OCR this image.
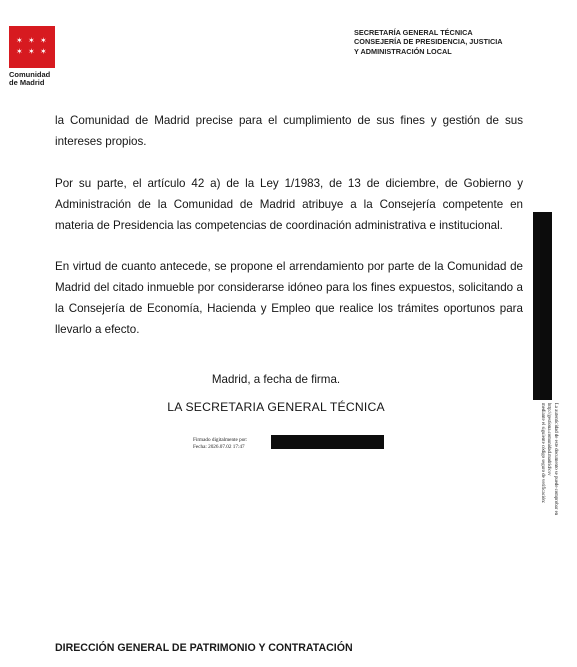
✶ ✶ ✶
✶ ✶ ✶
Comunidad
de Madrid
SECRETARÍA GENERAL TÉCNICA
CONSEJERÍA DE PRESIDENCIA, JUSTICIA
Y ADMINISTRACIÓN LOCAL
la Comunidad de Madrid precise para el cumplimiento de sus fines y gestión de sus intereses propios.
Por su parte, el artículo 42 a) de la Ley 1/1983, de 13 de diciembre, de Gobierno y Administración de la Comunidad de Madrid atribuye a la Consejería competente en materia de Presidencia las competencias de coordinación administrativa e institucional.
En virtud de cuanto antecede, se propone el arrendamiento por parte de la Comunidad de Madrid del citado inmueble por considerarse idóneo para los fines expuestos, solicitando a la Consejería de Economía, Hacienda y Empleo que realice los trámites oportunos para llevarlo a efecto.
Madrid, a fecha de firma.
LA SECRETARIA GENERAL TÉCNICA
Firmado digitalmente por:
Fecha: 2026.07.02 17:47	La autenticidad de este documento se puede comprobar en
http://gestiona.comunidad.madrid/csv
mediante el siguiente código seguro de verificación:
DIRECCIÓN GENERAL DE PATRIMONIO Y CONTRATACIÓN
